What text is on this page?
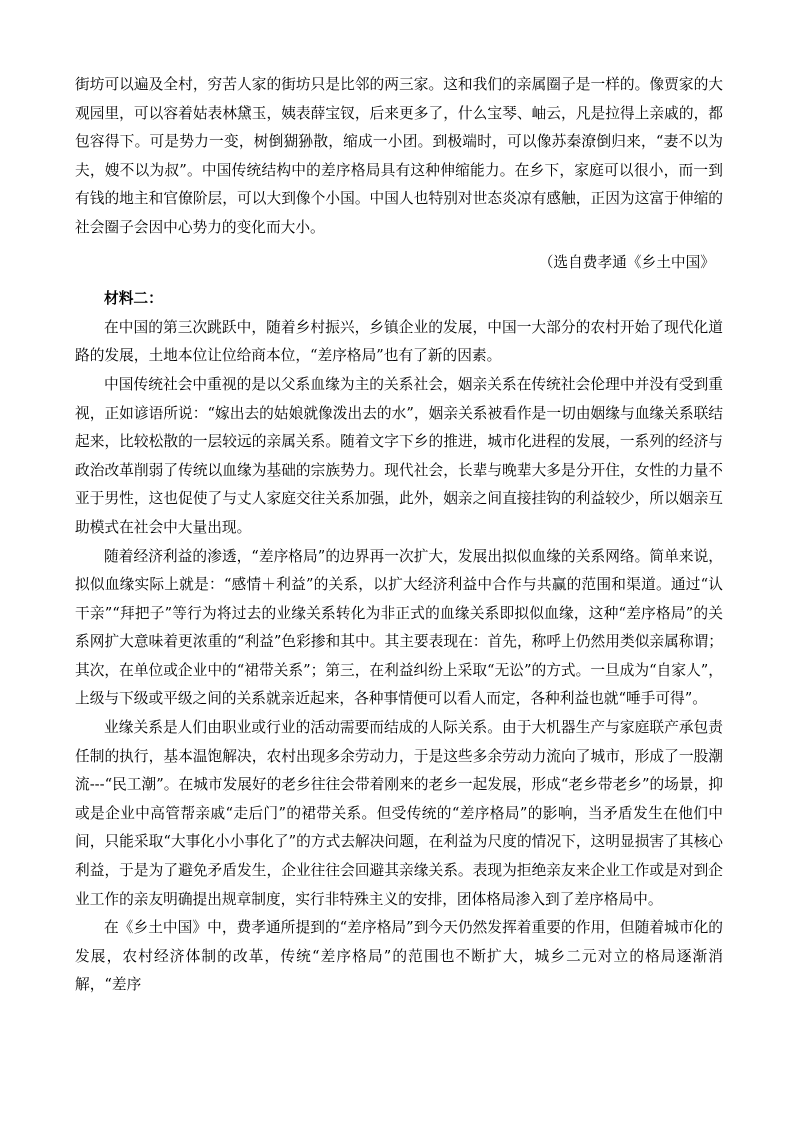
街坊可以遍及全村，穷苦人家的街坊只是比邻的两三家。这和我们的亲属圈子是一样的。像贾家的大观园里，可以容着姑表林黛玉，姨表薛宝钗，后来更多了，什么宝琴、岫云，凡是拉得上亲戚的，都包容得下。可是势力一变，树倒猢狲散，缩成一小团。到极端时，可以像苏秦潦倒归来，“妻不以为夫，嫂不以为叔”。中国传统结构中的差序格局具有这种伸缩能力。在乡下，家庭可以很小，而一到有钱的地主和官僚阶层，可以大到像个小国。中国人也特别对世态炎凉有感触，正因为这富于伸缩的社会圈子会因中心势力的变化而大小。

（选自费孝通《乡土中国》

材料二：

在中国的第三次跳跃中，随着乡村振兴，乡镇企业的发展，中国一大部分的农村开始了现代化道路的发展，土地本位让位给商本位，“差序格局”也有了新的因素。

中国传统社会中重视的是以父系血缘为主的关系社会，姻亲关系在传统社会伦理中并没有受到重视，正如谚语所说：“嫁出去的姑娘就像泼出去的水”，姻亲关系被看作是一切由姻缘与血缘关系联结起来，比较松散的一层较远的亲属关系。随着文字下乡的推进，城市化进程的发展，一系列的经济与政治改革削弱了传统以血缘为基础的宗族势力。现代社会，长辈与晚辈大多是分开住，女性的力量不亚于男性，这也促使了与丈人家庭交往关系加强，此外，姻亲之间直接挂钩的利益较少，所以姻亲互助模式在社会中大量出现。

随着经济利益的渗透，“差序格局”的边界再一次扩大，发展出拟似血缘的关系网络。简单来说，拟似血缘实际上就是：“感情＋利益”的关系，以扩大经济利益中合作与共赢的范围和渠道。通过“认干亲”“拜把子”等行为将过去的业缘关系转化为非正式的血缘关系即拟似血缘，这种“差序格局”的关系网扩大意味着更浓重的“利益”色彩掺和其中。其主要表现在：首先，称呼上仍然用类似亲属称谓；其次，在单位或企业中的“裙带关系”；第三，在利益纠纷上采取“无讼”的方式。一旦成为“自家人”，上级与下级或平级之间的关系就亲近起来，各种事情便可以看人而定，各种利益也就“唾手可得”。

业缘关系是人们由职业或行业的活动需要而结成的人际关系。由于大机器生产与家庭联产承包责任制的执行，基本温饱解决，农村出现多余劳动力，于是这些多余劳动力流向了城市，形成了一股潮流---“民工潮”。在城市发展好的老乡往往会带着刚来的老乡一起发展，形成“老乡带老乡”的场景，抑或是企业中高管帮亲戚“走后门”的裙带关系。但受传统的“差序格局”的影响，当矛盾发生在他们中间，只能采取“大事化小小事化了”的方式去解决问题，在利益为尺度的情况下，这明显损害了其核心利益，于是为了避免矛盾发生，企业往往会回避其亲缘关系。表现为拒绝亲友来企业工作或是对到企业工作的亲友明确提出规章制度，实行非特殊主义的安排，团体格局渗入到了差序格局中。

在《乡土中国》中，费孝通所提到的“差序格局”到今天仍然发挥着重要的作用，但随着城市化的发展，农村经济体制的改革，传统“差序格局”的范围也不断扩大，城乡二元对立的格局逐渐消解，“差序
